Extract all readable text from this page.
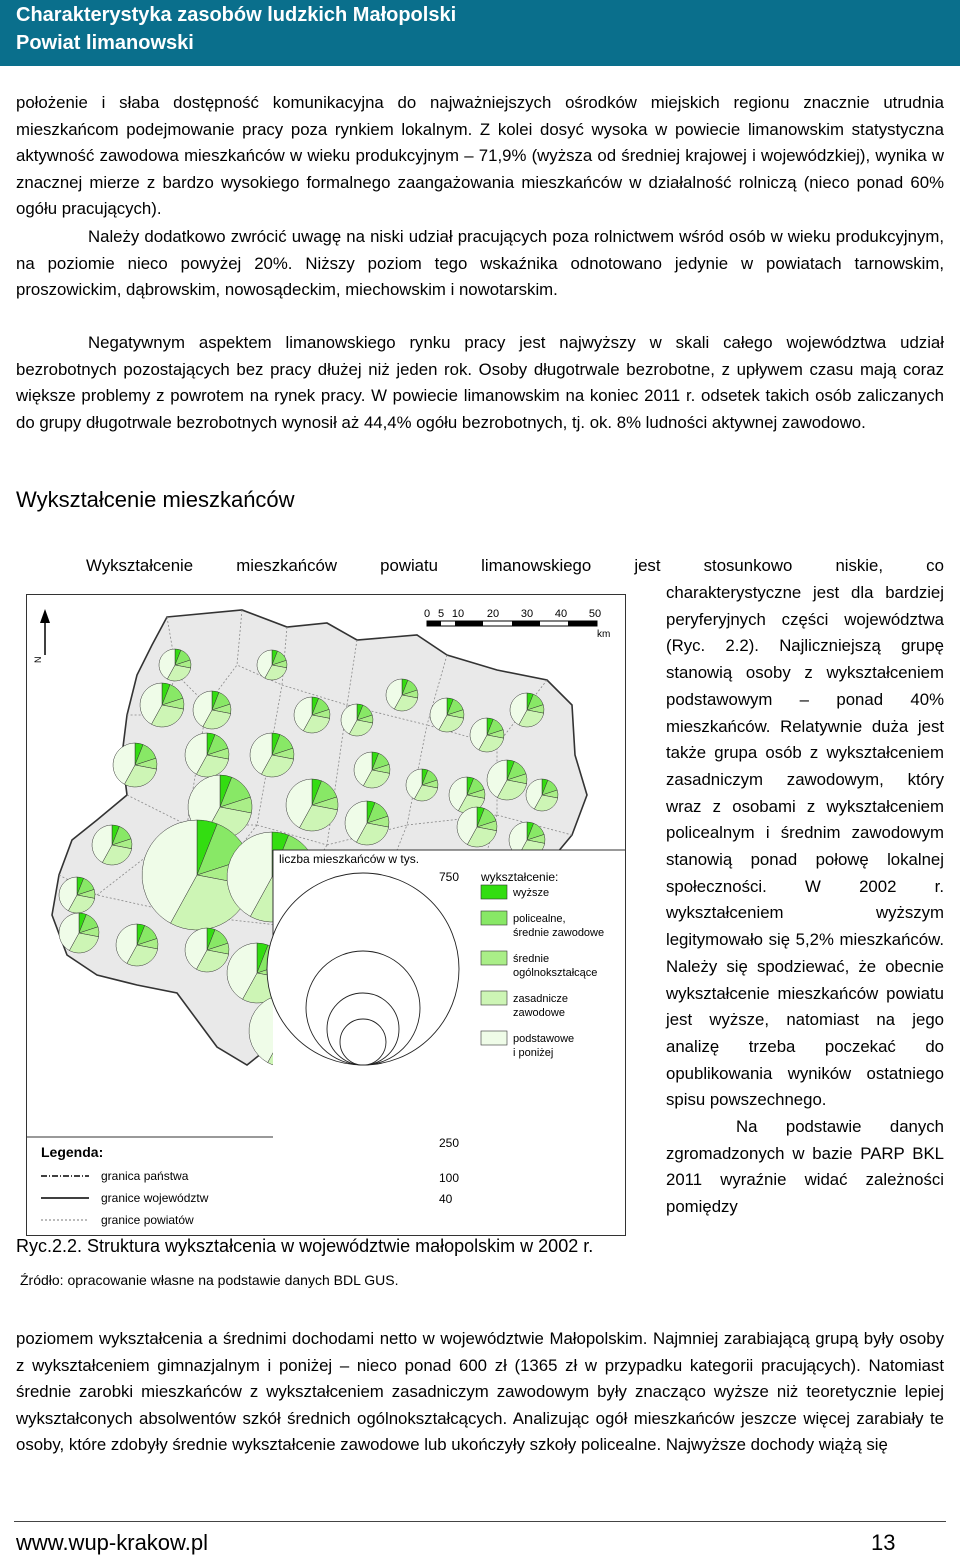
Charakterystyka zasobów ludzkich Małopolski
Powiat limanowski

położenie i słaba dostępność komunikacyjna do najważniejszych ośrodków miejskich regionu znacznie utrudnia mieszkańcom podejmowanie pracy poza rynkiem lokalnym. Z kolei dosyć wysoka w powiecie limanowskim statystyczna aktywność zawodowa mieszkańców w wieku produkcyjnym – 71,9% (wyższa od średniej krajowej i wojewódzkiej), wynika w znacznej mierze z bardzo wysokiego formalnego zaangażowania mieszkańców w działalność rolniczą (nieco ponad 60% ogółu pracujących).

Należy dodatkowo zwrócić uwagę na niski udział pracujących poza rolnictwem wśród osób w wieku produkcyjnym, na poziomie nieco powyżej 20%. Niższy poziom tego wskaźnika odnotowano jedynie w powiatach tarnowskim, proszowickim, dąbrowskim, nowosądeckim, miechowskim i nowotarskim.

Negatywnym aspektem limanowskiego rynku pracy jest najwyższy w skali całego województwa udział bezrobotnych pozostających bez pracy dłużej niż jeden rok. Osoby długotrwale bezrobotne, z upływem czasu mają coraz większe problemy z powrotem na rynek pracy. W powiecie limanowskim na koniec 2011 r. odsetek takich osób zaliczanych do grupy długotrwale bezrobotnych wynosił aż 44,4% ogółu bezrobotnych, tj. ok. 8% ludności aktywnej zawodowo.

Wykształcenie mieszkańców
Wykształcenie	mieszkańców	powiatu	limanowskiego	jest	stosunkowo	niskie,	co
charakterystyczne jest dla bardziej peryferyjnych części województwa (Ryc. 2.2). Najliczniejszą grupę stanowią osoby z wykształceniem podstawowym – ponad 40% mieszkańców. Relatywnie duża jest także grupa osób z wykształceniem zasadniczym zawodowym, który wraz z osobami z wykształceniem policealnym i średnim zawodowym stanowią ponad połowę lokalnej społeczności. W 2002 r. wykształceniem wyższym legitymowało się 5,2% mieszkańców. Należy się spodziewać, że obecnie wykształcenie mieszkańców powiatu jest wyższe, natomiast na jego analizę trzeba poczekać do opublikowania wyników ostatniego spisu powszechnego.
Na podstawie danych zgromadzonych w bazie PARP BKL 2011 wyraźnie widać zależności pomiędzy
0 5 10 20 30 40 50
km
N
liczba mieszkańców w tys.
750
250
100
40
wykształcenie:
wyższe
policealne,
średnie zawodowe
średnie
ogólnokształcące
zasadnicze
zawodowe
podstawowe
i poniżej
Legenda:
granica państwa
granice województw
granice powiatów
Ryc.2.2. Struktura wykształcenia w województwie małopolskim w 2002 r.
Źródło: opracowanie własne na podstawie danych BDL GUS.

poziomem wykształcenia a średnimi dochodami netto w województwie Małopolskim. Najmniej zarabiającą grupą były osoby z wykształceniem gimnazjalnym i poniżej – nieco ponad 600 zł (1365 zł w przypadku kategorii pracujących). Natomiast średnie zarobki mieszkańców z wykształceniem zasadniczym zawodowym były znacząco wyższe niż teoretycznie lepiej wykształconych absolwentów szkół średnich ogólnokształcących. Analizując ogół mieszkańców jeszcze więcej zarabiały te osoby, które zdobyły średnie wykształcenie zawodowe lub ukończyły szkoły policealne. Najwyższe dochody wiążą się

www.wup-krakow.pl	13
